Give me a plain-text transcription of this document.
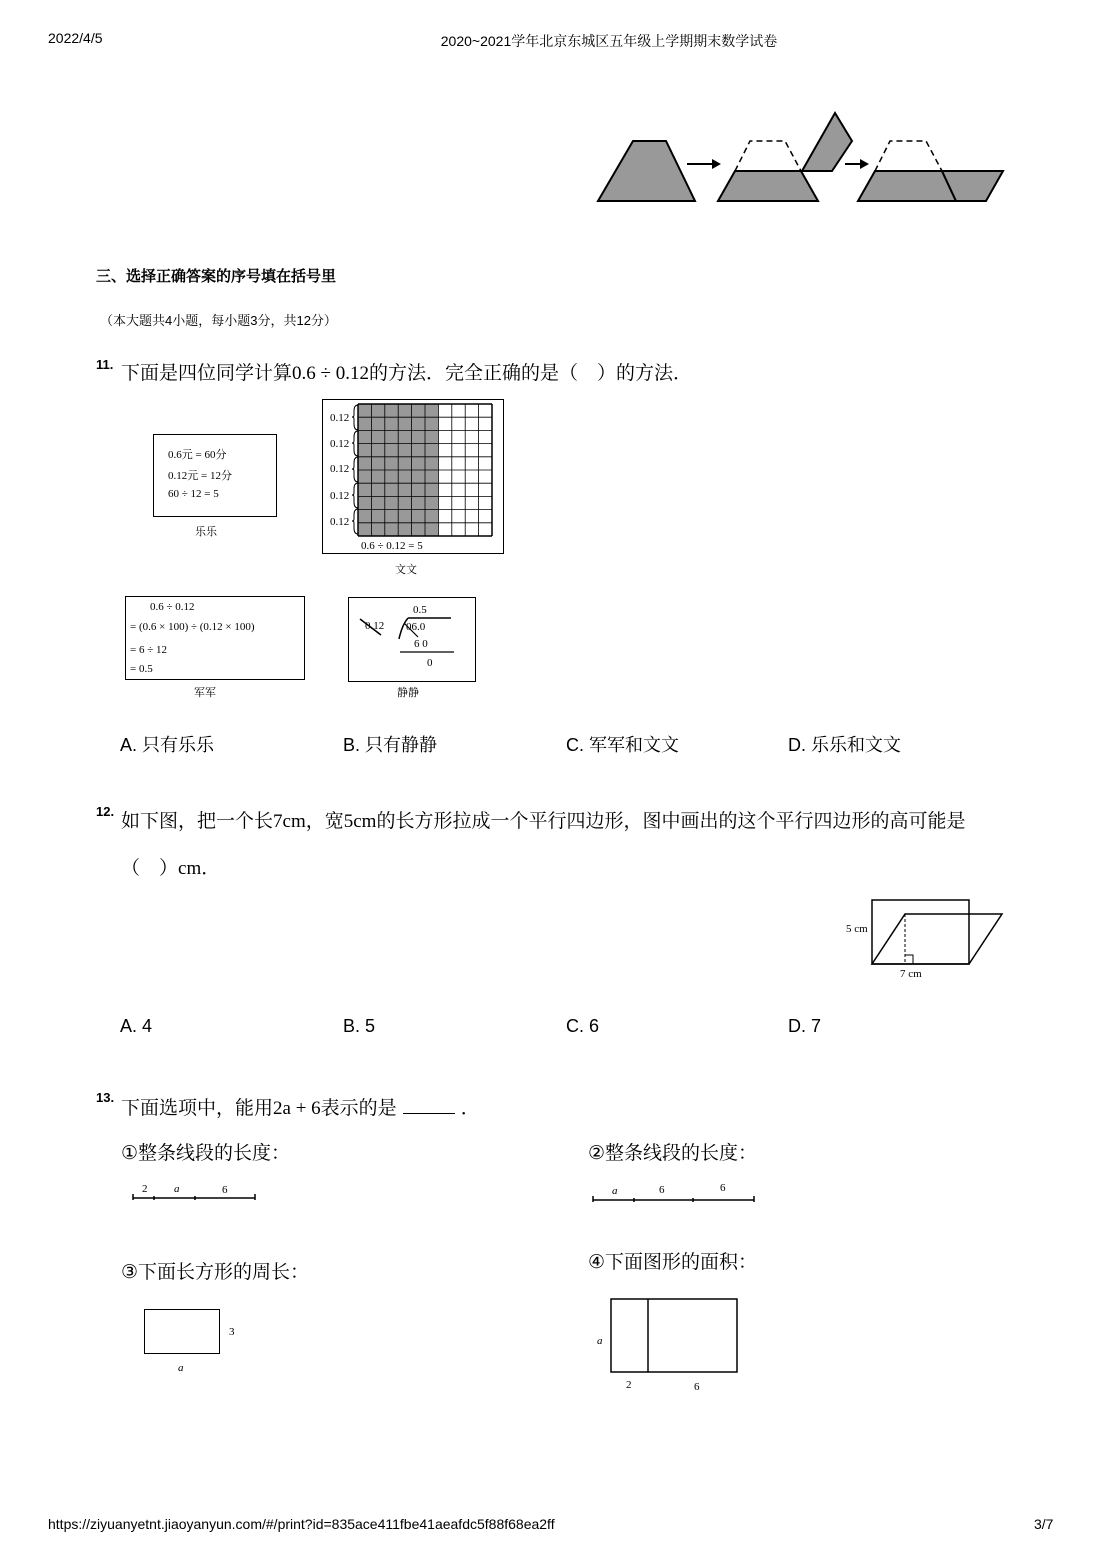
2022/4/5	2020~2021学年北京东城区五年级上学期期末数学试卷
三、选择正确答案的序号填在括号里
（本大题共4小题，每小题3分，共12分）
11. 下面是四位同学计算0.6 ÷ 0.12的方法．完全正确的是（　）的方法．
0.6元 = 60分
0.12元 = 12分
60 ÷ 12 = 5
乐乐
0.12
0.12
0.12
0.12
0.12
0.6 ÷ 0.12 = 5
文文
0.6 ÷ 0.12
= (0.6 × 100) ÷ (0.12 × 100)
= 6 ÷ 12
= 0.5
军军
0.5
0.12 06.0
6 0
0
静静
A. 只有乐乐	B. 只有静静	C. 军军和文文	D. 乐乐和文文
12. 如下图，把一个长7cm，宽5cm的长方形拉成一个平行四边形，图中画出的这个平行四边形的高可能是
（　）cm．
5 cm
7 cm
A. 4	B. 5	C. 6	D. 7
13.
下面选项中，能用2a + 6表示的是	．
①整条线段的长度：
2 a	6
②整条线段的长度：
a	6	6
③下面长方形的周长：
3
a
④下面图形的面积：
a
2	6
https://ziyuanyetnt.jiaoyanyun.com/#/print?id=835ace411fbe41aeafdc5f88f68ea2ff	3/7
